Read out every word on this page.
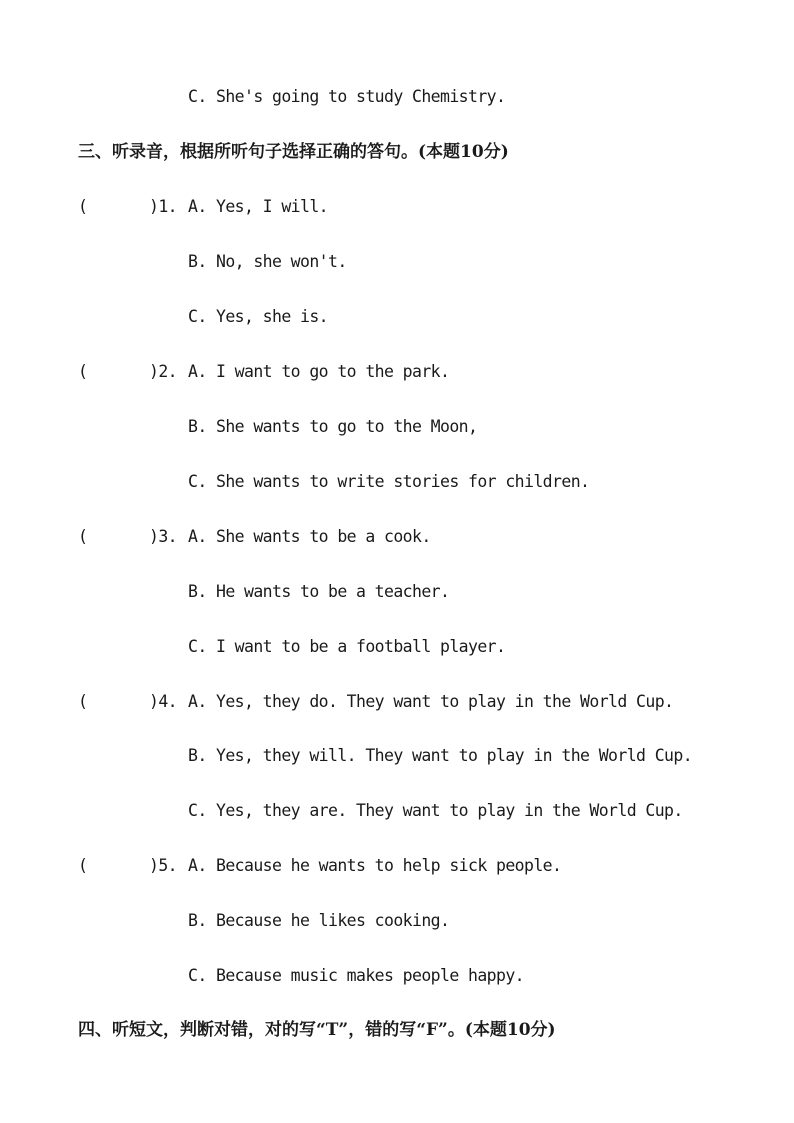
C. She's going to study Chemistry.
三、听录音，根据所听句子选择正确的答句。(本题10分)
(	)1. A. Yes, I will.
B. No, she won't.
C. Yes, she is.
(	)2. A. I want to go to the park.
B. She wants to go to the Moon,
C. She wants to write stories for children.
(	)3. A. She wants to be a cook.
B. He wants to be a teacher.
C. I want to be a football player.
(	)4. A. Yes, they do. They want to play in the World Cup.
B. Yes, they will. They want to play in the World Cup.
C. Yes, they are. They want to play in the World Cup.
(	)5. A. Because he wants to help sick people.
B. Because he likes cooking.
C. Because music makes people happy.
四、听短文，判断对错，对的写“T”，错的写“F”。(本题10分)
